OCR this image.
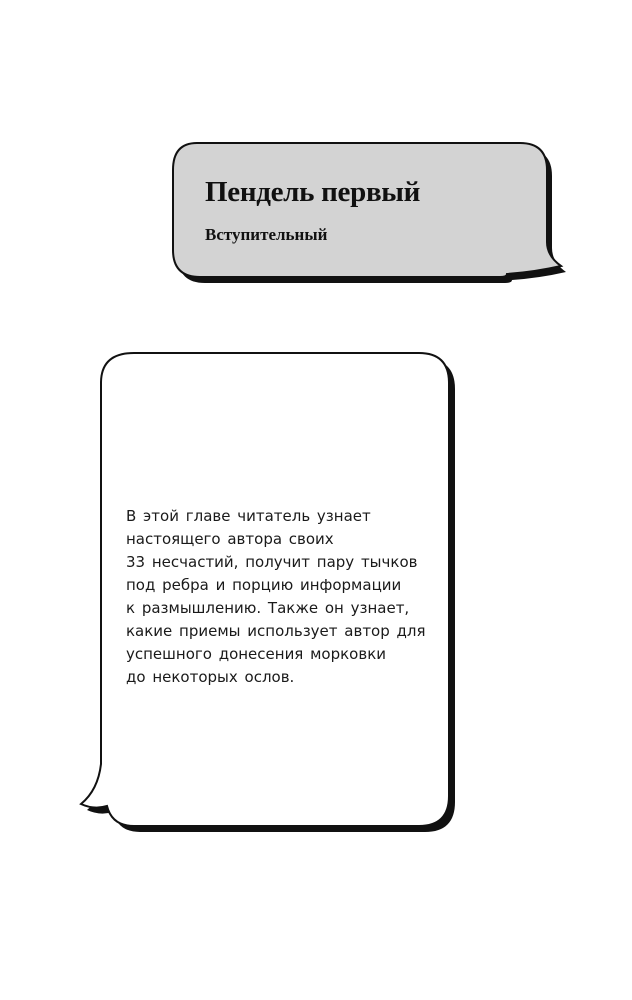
Пендель первый
Вступительный

В этой главе читатель узнает
настоящего автора своих
33 несчастий, получит пару тычков
под ребра и порцию информации
к размышлению. Также он узнает,
какие приемы использует автор для
успешного донесения морковки
до некоторых ослов.
